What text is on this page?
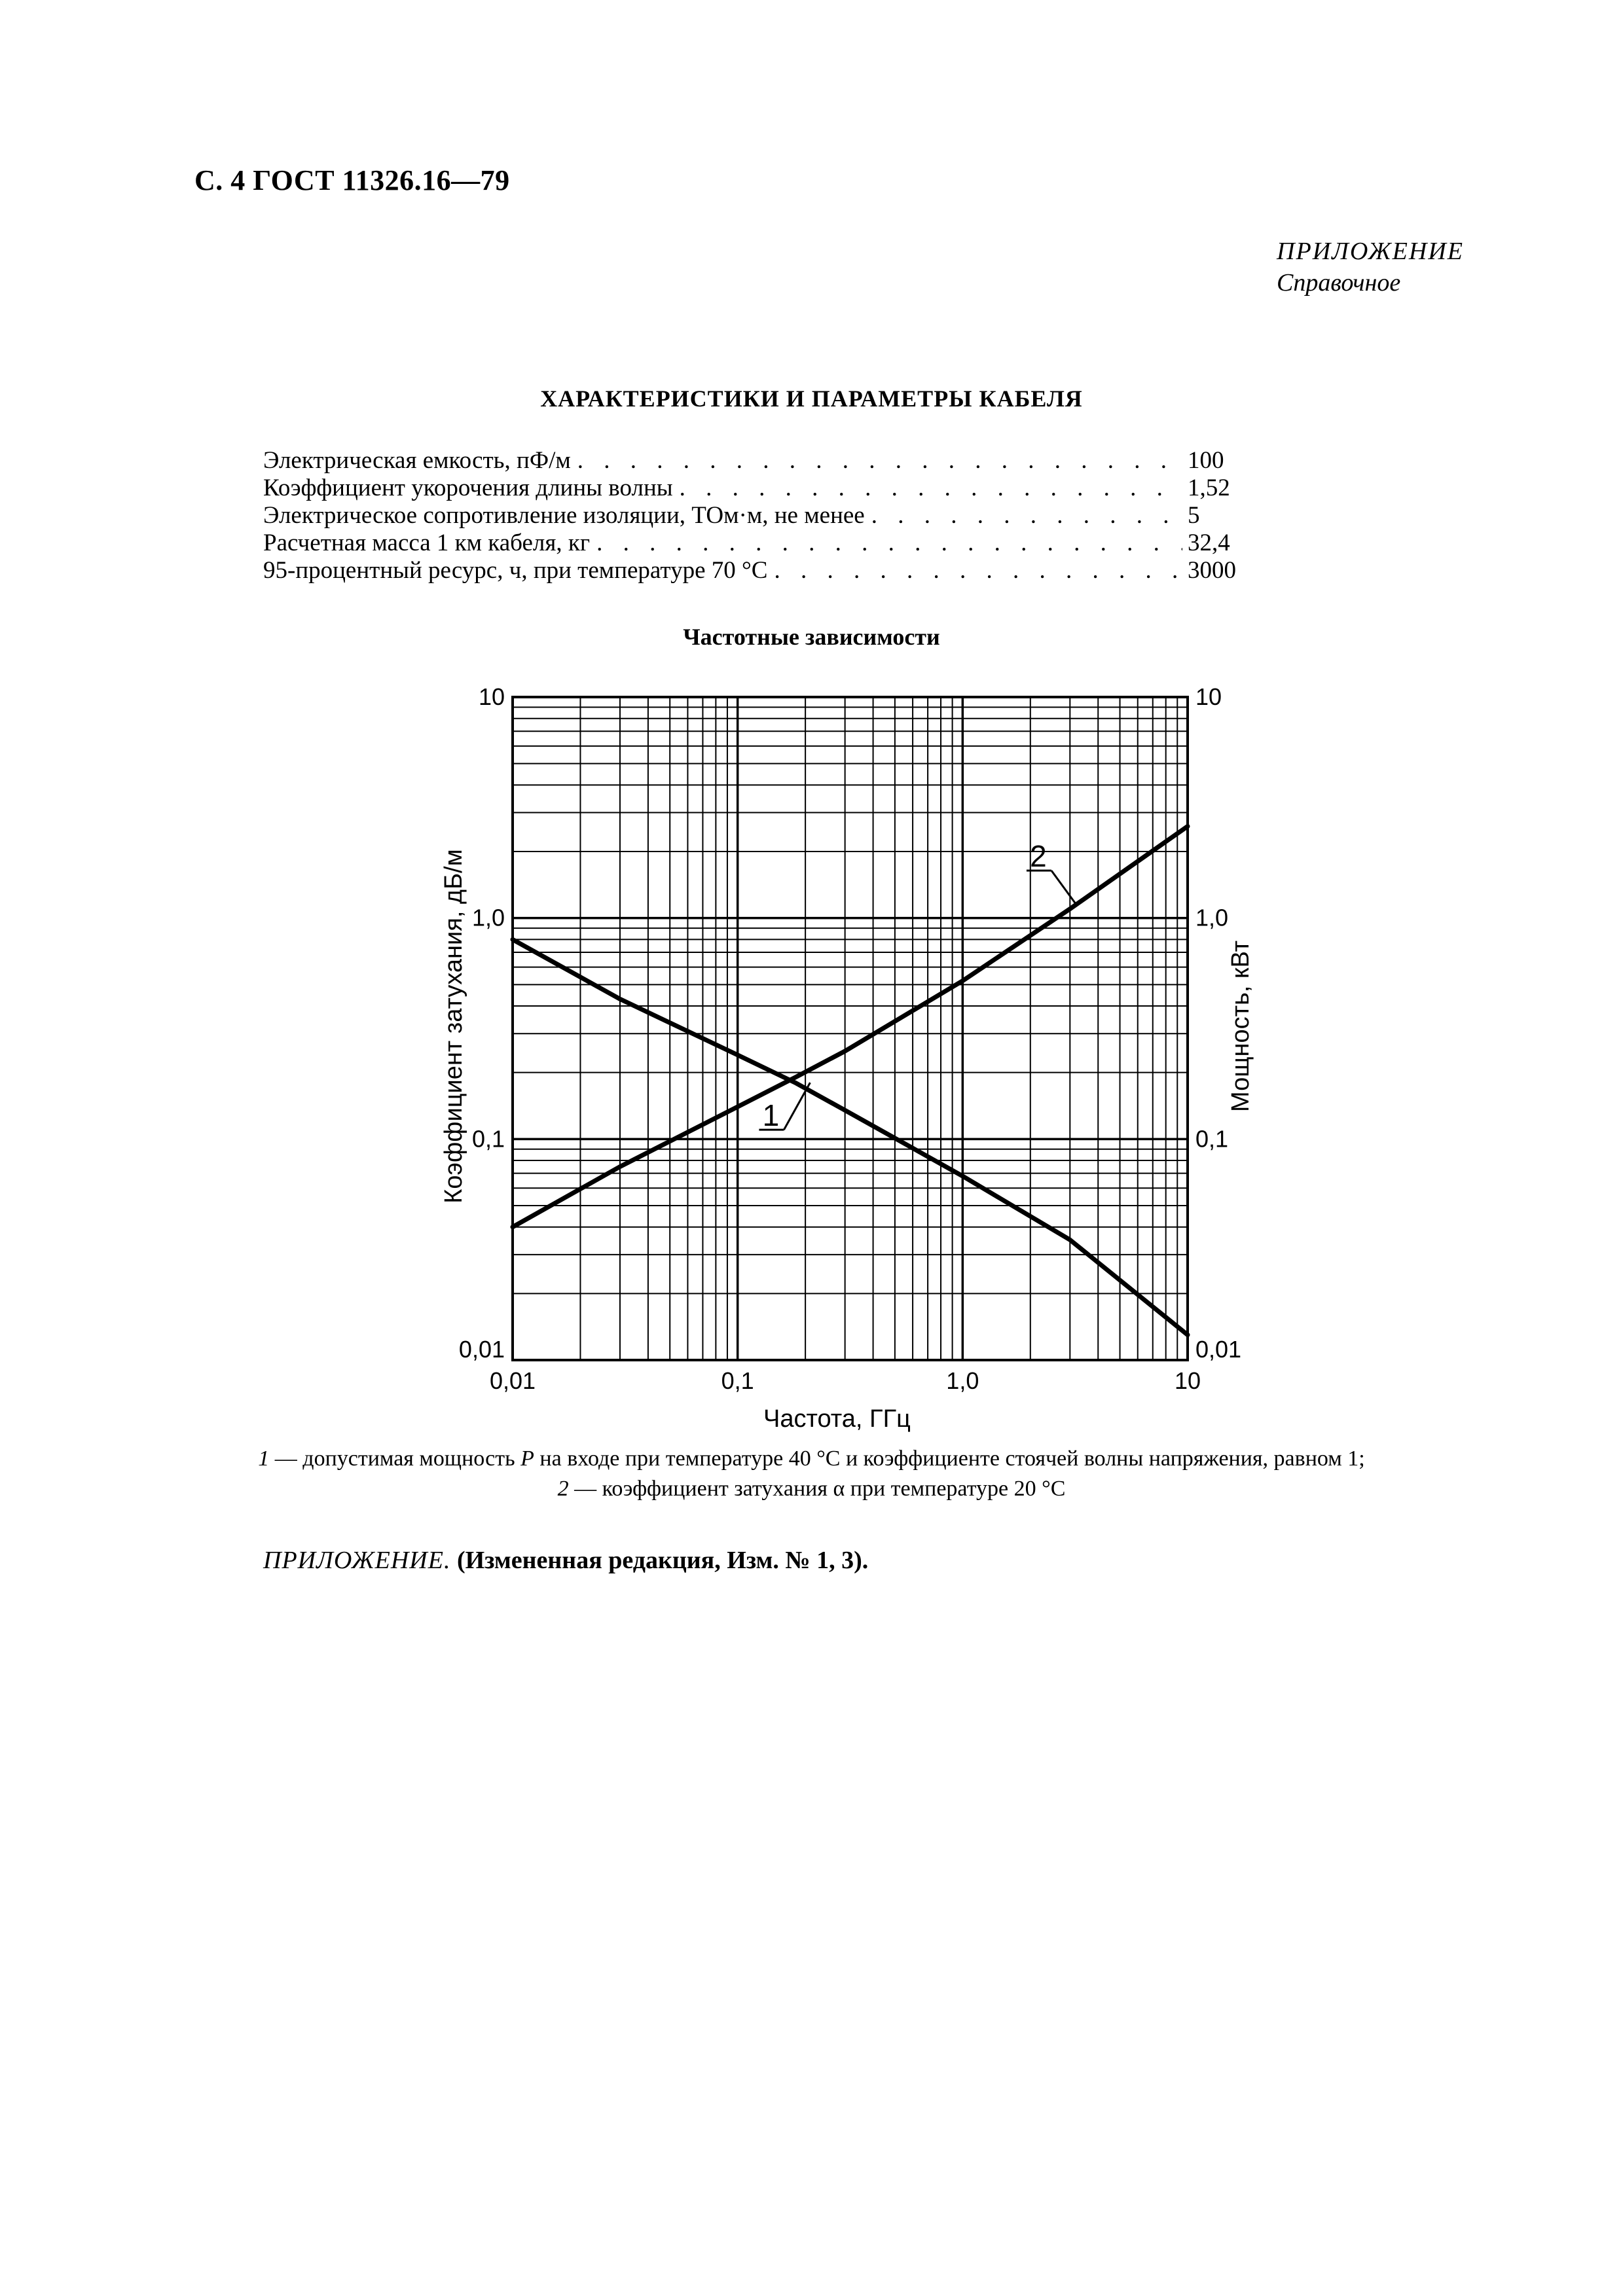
С. 4 ГОСТ 11326.16—79
ПРИЛОЖЕНИЕ
Справочное
ХАРАКТЕРИСТИКИ И ПАРАМЕТРЫ КАБЕЛЯ
Электрическая емкость, пФ/м . . .	100
Коэффициент укорочения длины волны . . .	1,52
Электрическое сопротивление изоляции, ТОм·м, не менее . . .	5
Расчетная масса 1 км кабеля, кг . . .	32,4
95-процентный ресурс, ч, при температуре 70 °С . . .	3000
Частотные зависимости
0,01	0,1	1,0	10
0,01
0,1
1,0
10
0,01
0,1
1,0
10
Частота, ГГц
Коэффициент затухания, дБ/м	Мощность, кВт
1
2
1 — допустимая мощность P на входе при температуре 40 °С и коэффициенте стоячей волны напряжения, равном 1;
2 — коэффициент затухания α при температуре 20 °С
ПРИЛОЖЕНИЕ. (Измененная редакция, Изм. № 1, 3).
